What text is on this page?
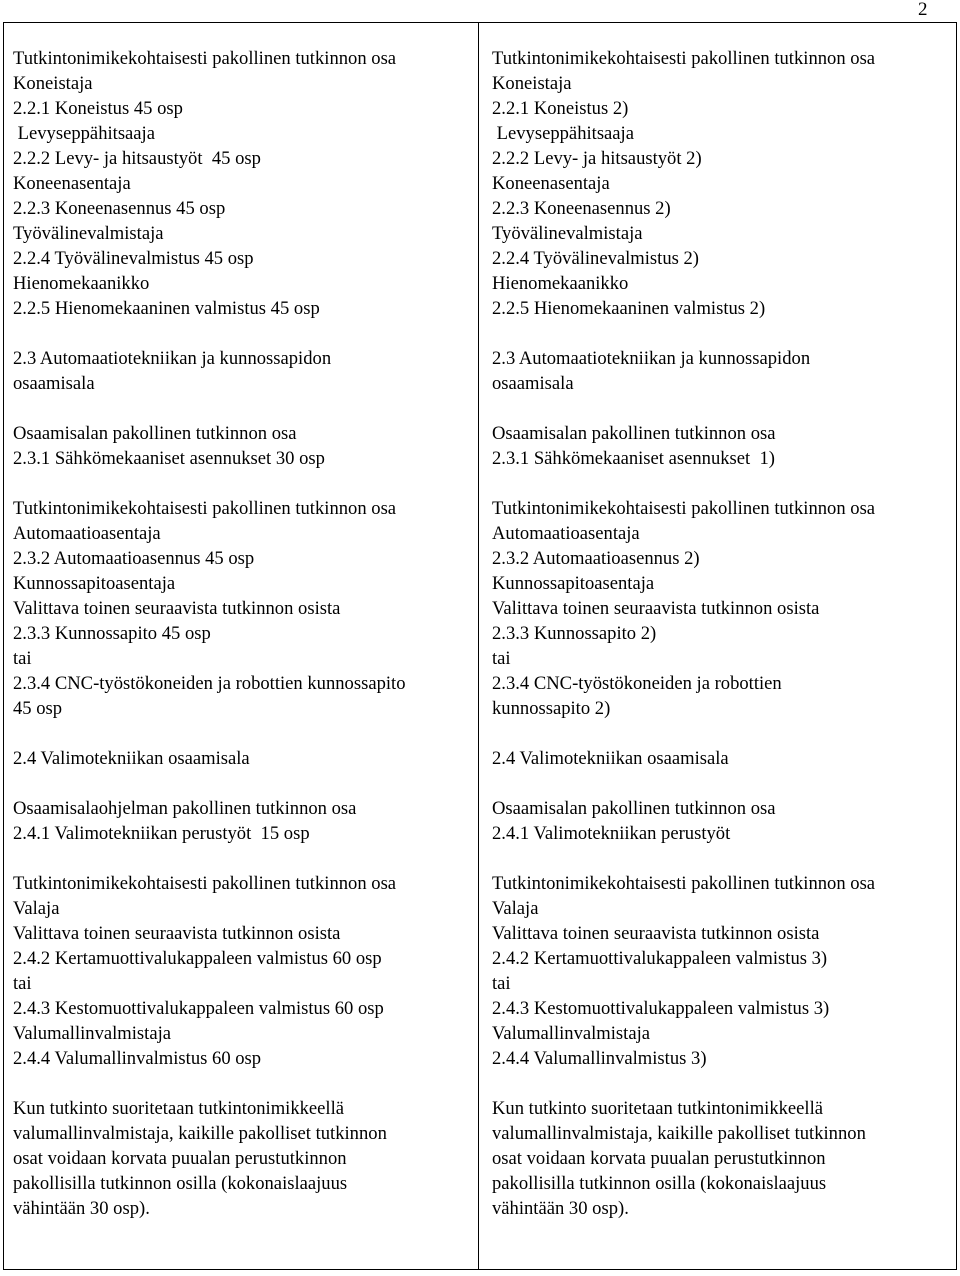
2
Tutkintonimikekohtaisesti pakollinen tutkinnon osa
Koneistaja
2.2.1 Koneistus 45 osp
Levyseppähitsaaja
2.2.2 Levy- ja hitsaustyöt  45 osp
Koneenasentaja
2.2.3 Koneenasennus 45 osp
Työvälinevalmistaja
2.2.4 Työvälinevalmistus 45 osp
Hienomekaanikko
2.2.5 Hienomekaaninen valmistus 45 osp
2.3 Automaatiotekniikan ja kunnossapidon
osaamisala
Osaamisalan pakollinen tutkinnon osa
2.3.1 Sähkömekaaniset asennukset 30 osp
Tutkintonimikekohtaisesti pakollinen tutkinnon osa
Automaatioasentaja
2.3.2 Automaatioasennus 45 osp
Kunnossapitoasentaja
Valittava toinen seuraavista tutkinnon osista
2.3.3 Kunnossapito 45 osp
tai
2.3.4 CNC-työstökoneiden ja robottien kunnossapito
45 osp
2.4 Valimotekniikan osaamisala
Osaamisalaohjelman pakollinen tutkinnon osa
2.4.1 Valimotekniikan perustyöt  15 osp
Tutkintonimikekohtaisesti pakollinen tutkinnon osa
Valaja
Valittava toinen seuraavista tutkinnon osista
2.4.2 Kertamuottivalukappaleen valmistus 60 osp
tai
2.4.3 Kestomuottivalukappaleen valmistus 60 osp
Valumallinvalmistaja
2.4.4 Valumallinvalmistus 60 osp
Kun tutkinto suoritetaan tutkintonimikkeellä
valumallinvalmistaja, kaikille pakolliset tutkinnon
osat voidaan korvata puualan perustutkinnon
pakollisilla tutkinnon osilla (kokonaislaajuus
vähintään 30 osp).
Tutkintonimikekohtaisesti pakollinen tutkinnon osa
Koneistaja
2.2.1 Koneistus 2)
Levyseppähitsaaja
2.2.2 Levy- ja hitsaustyöt 2)
Koneenasentaja
2.2.3 Koneenasennus 2)
Työvälinevalmistaja
2.2.4 Työvälinevalmistus 2)
Hienomekaanikko
2.2.5 Hienomekaaninen valmistus 2)
2.3 Automaatiotekniikan ja kunnossapidon
osaamisala
Osaamisalan pakollinen tutkinnon osa
2.3.1 Sähkömekaaniset asennukset  1)
Tutkintonimikekohtaisesti pakollinen tutkinnon osa
Automaatioasentaja
2.3.2 Automaatioasennus 2)
Kunnossapitoasentaja
Valittava toinen seuraavista tutkinnon osista
2.3.3 Kunnossapito 2)
tai
2.3.4 CNC-työstökoneiden ja robottien
kunnossapito 2)
2.4 Valimotekniikan osaamisala
Osaamisalan pakollinen tutkinnon osa
2.4.1 Valimotekniikan perustyöt
Tutkintonimikekohtaisesti pakollinen tutkinnon osa
Valaja
Valittava toinen seuraavista tutkinnon osista
2.4.2 Kertamuottivalukappaleen valmistus 3)
tai
2.4.3 Kestomuottivalukappaleen valmistus 3)
Valumallinvalmistaja
2.4.4 Valumallinvalmistus 3)
Kun tutkinto suoritetaan tutkintonimikkeellä
valumallinvalmistaja, kaikille pakolliset tutkinnon
osat voidaan korvata puualan perustutkinnon
pakollisilla tutkinnon osilla (kokonaislaajuus
vähintään 30 osp).
